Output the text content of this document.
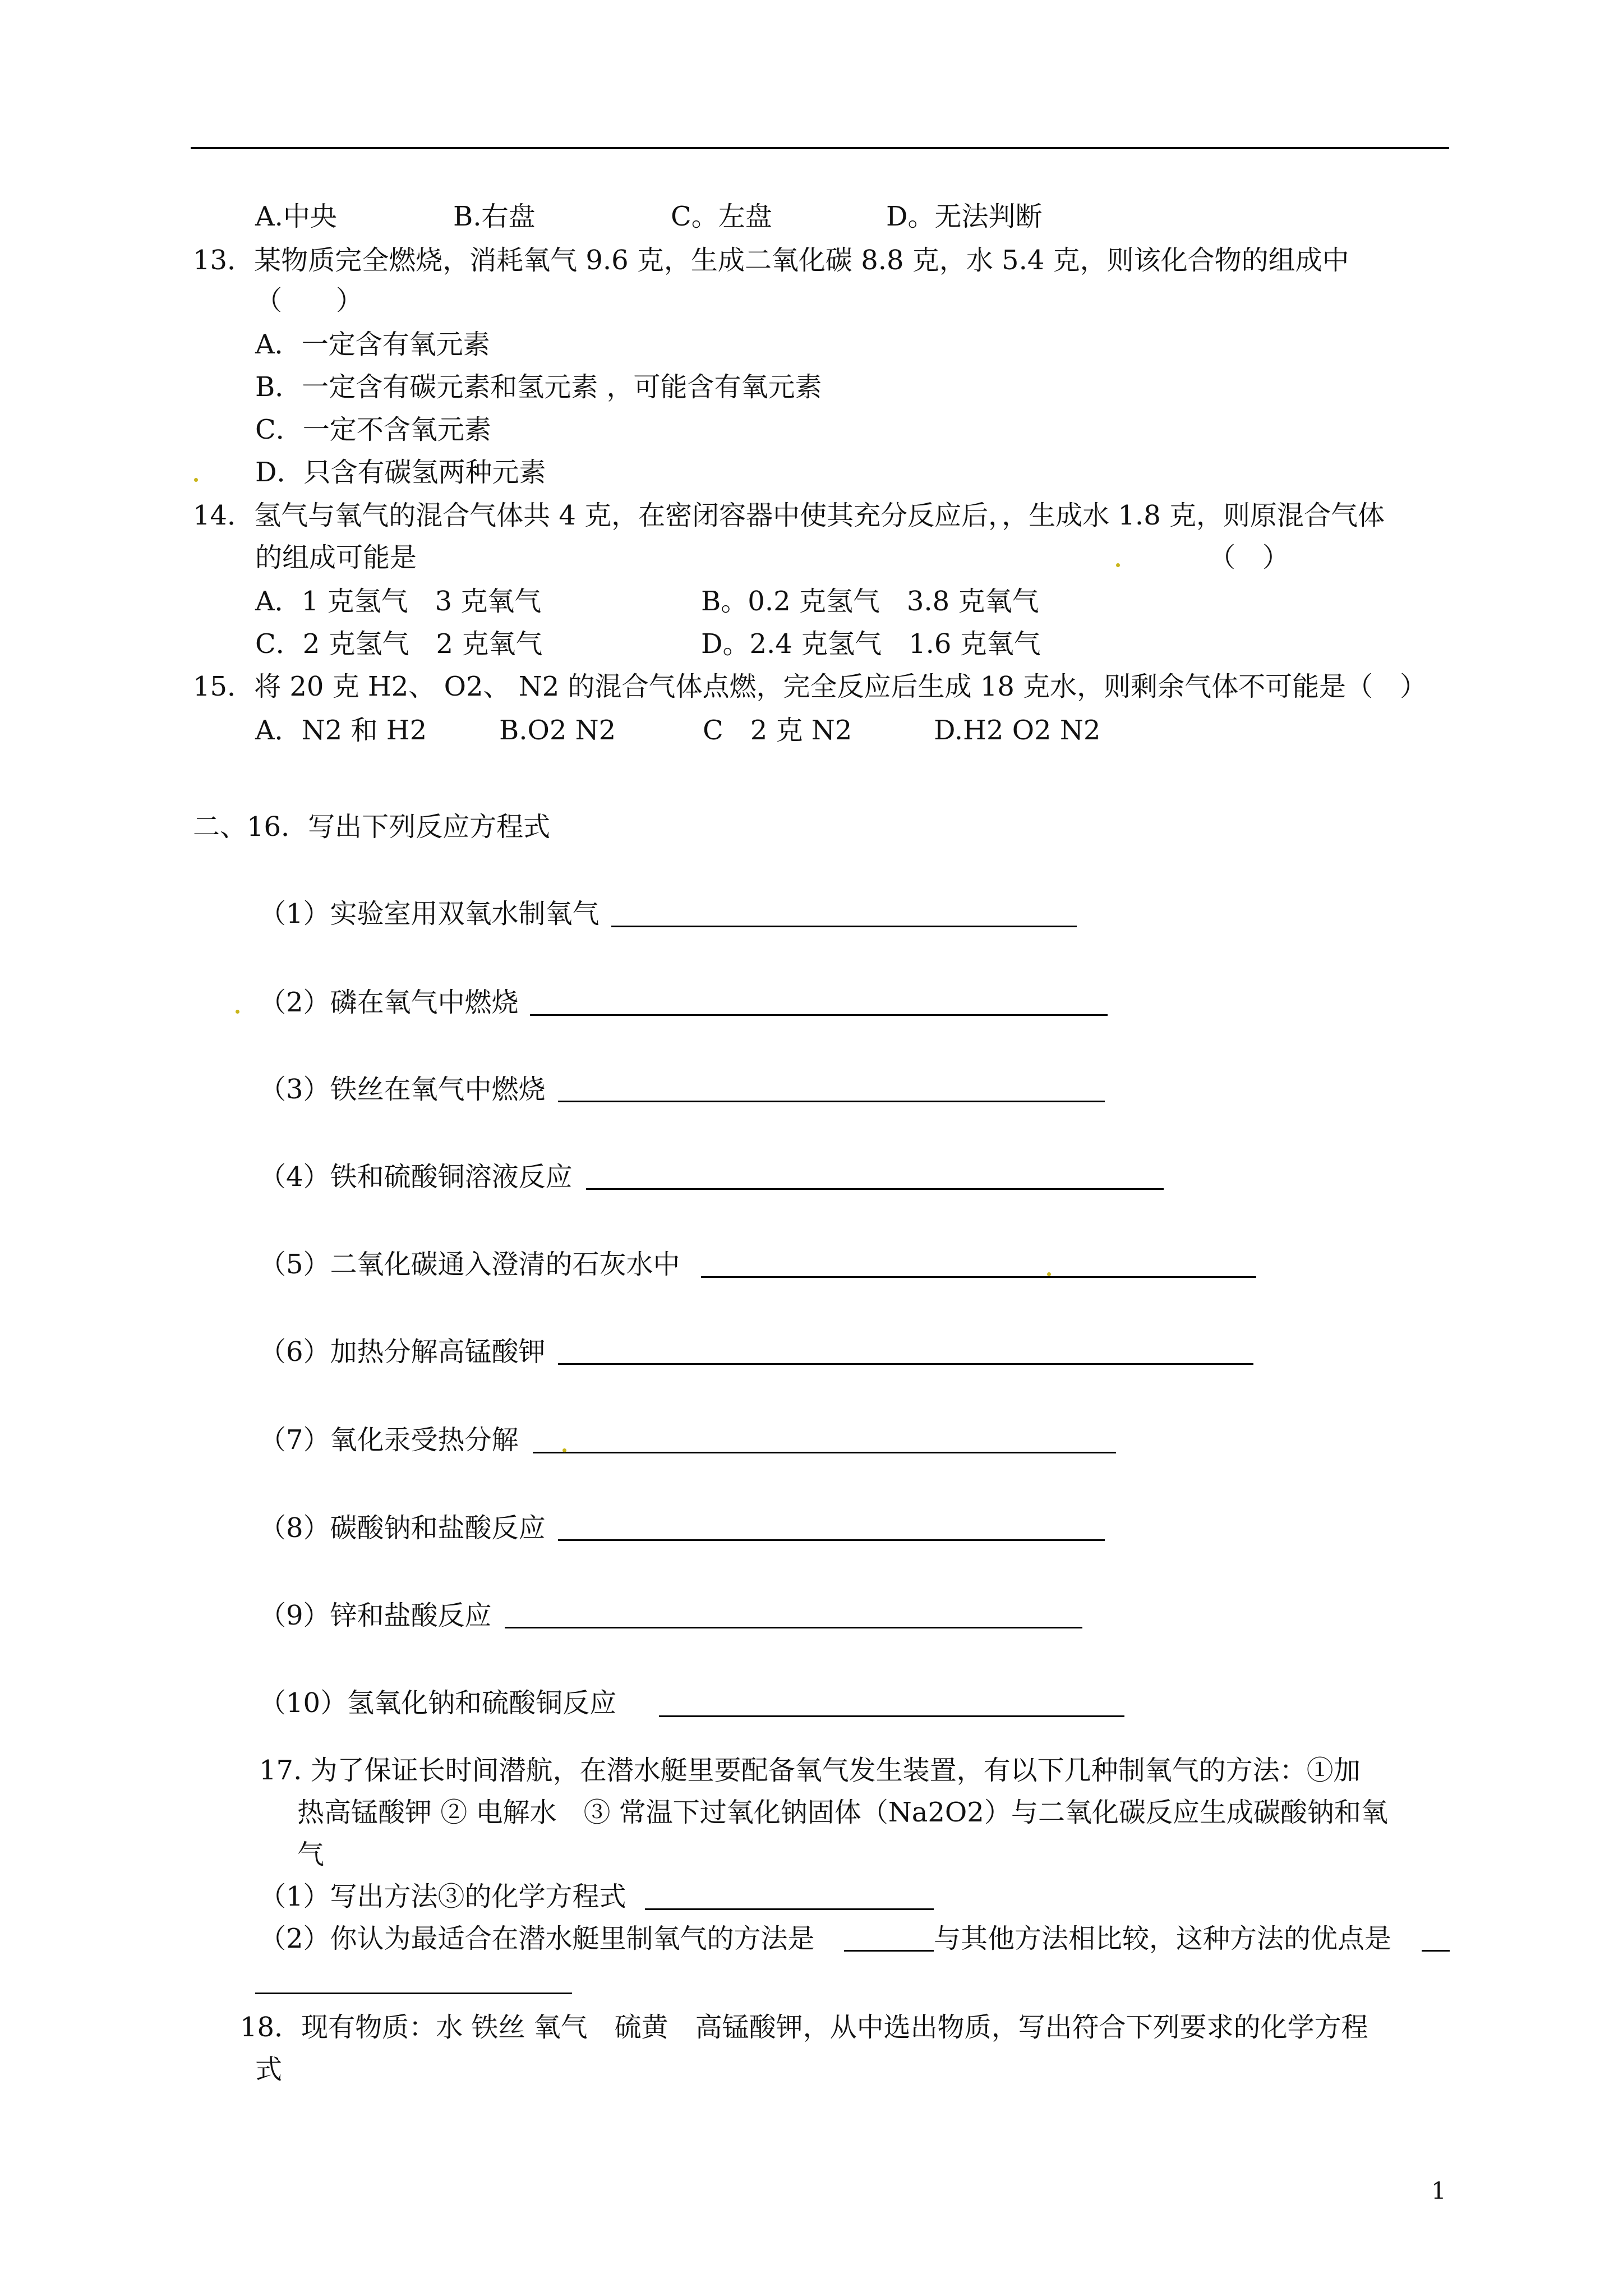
A.中央	B.右盘	C。左盘	D。无法判断
13．某物质完全燃烧，消耗氧气 9.6 克，生成二氧化碳 8.8 克，水 5.4 克，则该化合物的组成中
（　　）
A．一定含有氧元素
B．一定含有碳元素和氢元素 ，可能含有氧元素
C．一定不含氧元素
D．只含有碳氢两种元素
14．氢气与氧气的混合气体共 4 克，在密闭容器中使其充分反应后，，生成水 1.8 克，则原混合气体
的组成可能是	（　）
A．1 克氢气　3 克氧气	B。0.2 克氢气　3.8 克氧气
C．2 克氢气　2 克氧气	D。2.4 克氢气　1.6 克氧气
15．将 20 克 H2、 O2、 N2 的混合气体点燃，完全反应后生成 18 克水，则剩余气体不可能是（　）
A．N2 和 H2	B.O2 N2	C　2 克 N2	D.H2 O2 N2
二、16．写出下列反应方程式
（1）实验室用双氧水制氧气
（2）磷在氧气中燃烧
（3）铁丝在氧气中燃烧
（4）铁和硫酸铜溶液反应
（5）二氧化碳通入澄清的石灰水中
（6）加热分解高锰酸钾
（7）氧化汞受热分解
（8）碳酸钠和盐酸反应
（9）锌和盐酸反应
（10）氢氧化钠和硫酸铜反应
17. 为了保证长时间潜航，在潜水艇里要配备氧气发生装置，有以下几种制氧气的方法：①加
热高锰酸钾 ② 电解水　③ 常温下过氧化钠固体（Na2O2）与二氧化碳反应生成碳酸钠和氧
气
（1）写出方法③的化学方程式
（2）你认为最适合在潜水艇里制氧气的方法是	与其他方法相比较，这种方法的优点是
18．现有物质：水 铁丝 氧气　硫黄　高锰酸钾，从中选出物质，写出符合下列要求的化学方程
式
1
